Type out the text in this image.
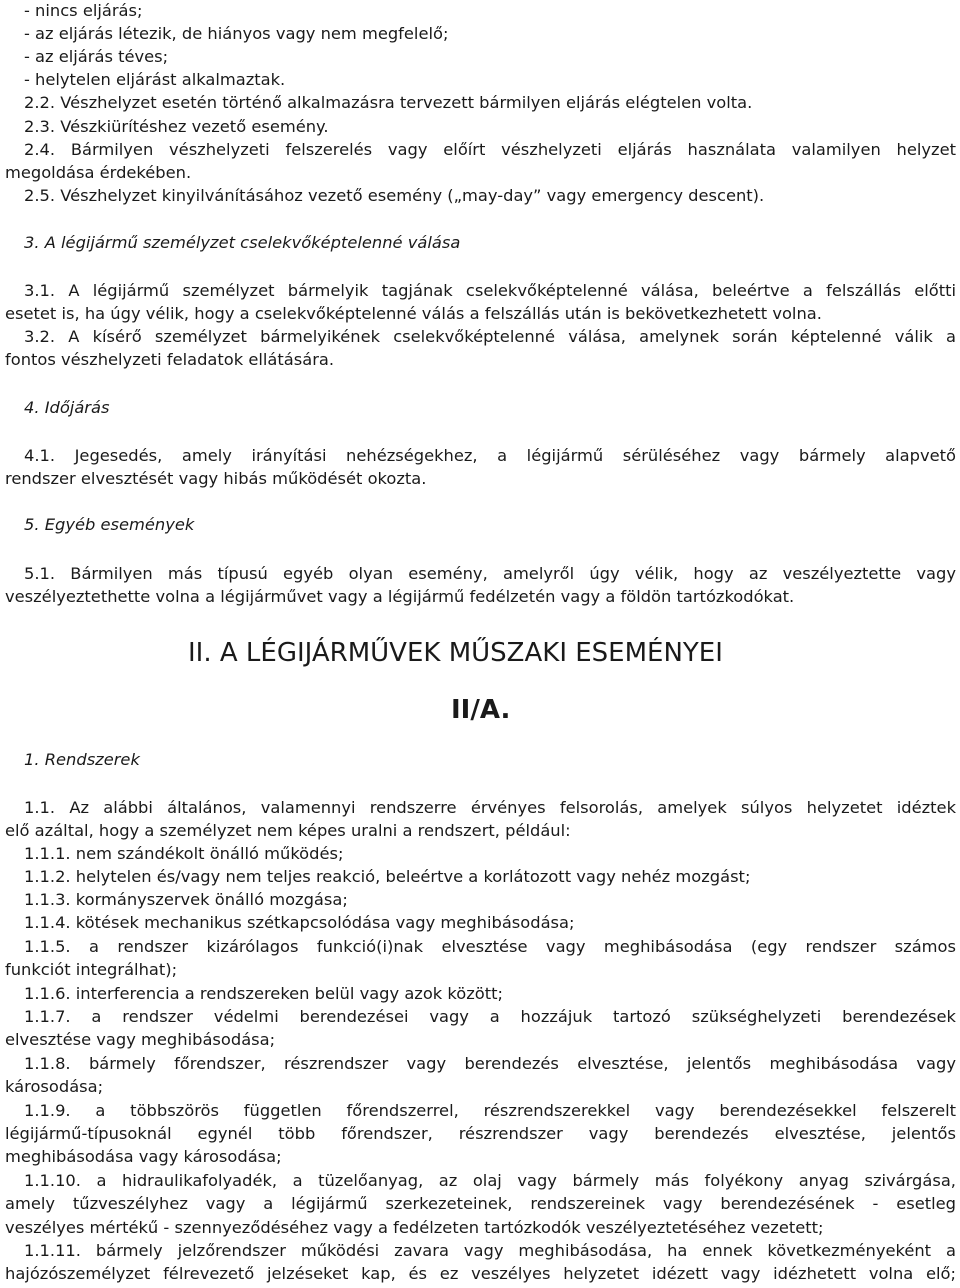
- nincs eljárás;

- az eljárás létezik, de hiányos vagy nem megfelelő;

- az eljárás téves;

- helytelen eljárást alkalmaztak.

2.2. Vészhelyzet esetén történő alkalmazásra tervezett bármilyen eljárás elégtelen volta.

2.3. Vészkiürítéshez vezető esemény.

2.4. Bármilyen vészhelyzeti felszerelés vagy előírt vészhelyzeti eljárás használata valamilyen helyzet

megoldása érdekében.

2.5. Vészhelyzet kinyilvánításához vezető esemény („may-day” vagy emergency descent).

3. A légijármű személyzet cselekvőképtelenné válása

3.1. A légijármű személyzet bármelyik tagjának cselekvőképtelenné válása, beleértve a felszállás előtti

esetet is, ha úgy vélik, hogy a cselekvőképtelenné válás a felszállás után is bekövetkezhetett volna.

3.2. A kísérő személyzet bármelyikének cselekvőképtelenné válása, amelynek során képtelenné válik a

fontos vészhelyzeti feladatok ellátására.

4. Időjárás

4.1. Jegesedés, amely irányítási nehézségekhez, a légijármű sérüléséhez vagy bármely alapvető

rendszer elvesztését vagy hibás működését okozta.

5. Egyéb események

5.1. Bármilyen más típusú egyéb olyan esemény, amelyről úgy vélik, hogy az veszélyeztette vagy

veszélyeztethette volna a légijárművet vagy a légijármű fedélzetén vagy a földön tartózkodókat.

II. A LÉGIJÁRMŰVEK MŰSZAKI ESEMÉNYEI
II/A.

1. Rendszerek

1.1. Az alábbi általános, valamennyi rendszerre érvényes felsorolás, amelyek súlyos helyzetet idéztek

elő azáltal, hogy a személyzet nem képes uralni a rendszert, például:

1.1.1. nem szándékolt önálló működés;

1.1.2. helytelen és/vagy nem teljes reakció, beleértve a korlátozott vagy nehéz mozgást;

1.1.3. kormányszervek önálló mozgása;

1.1.4. kötések mechanikus szétkapcsolódása vagy meghibásodása;

1.1.5. a rendszer kizárólagos funkció(i)nak elvesztése vagy meghibásodása (egy rendszer számos

funkciót integrálhat);

1.1.6. interferencia a rendszereken belül vagy azok között;

1.1.7. a rendszer védelmi berendezései vagy a hozzájuk tartozó szükséghelyzeti berendezések

elvesztése vagy meghibásodása;

1.1.8. bármely főrendszer, részrendszer vagy berendezés elvesztése, jelentős meghibásodása vagy

károsodása;

1.1.9. a többszörös független főrendszerrel, részrendszerekkel vagy berendezésekkel felszerelt

légijármű-típusoknál egynél több főrendszer, részrendszer vagy berendezés elvesztése, jelentős

meghibásodása vagy károsodása;

1.1.10. a hidraulikafolyadék, a tüzelőanyag, az olaj vagy bármely más folyékony anyag szivárgása,

amely tűzveszélyhez vagy a légijármű szerkezeteinek, rendszereinek vagy berendezésének - esetleg

veszélyes mértékű - szennyeződéséhez vagy a fedélzeten tartózkodók veszélyeztetéséhez vezetett;

1.1.11. bármely jelzőrendszer működési zavara vagy meghibásodása, ha ennek következményeként a

hajózószemélyzet félrevezető jelzéseket kap, és ez veszélyes helyzetet idézett vagy idézhetett volna elő;
